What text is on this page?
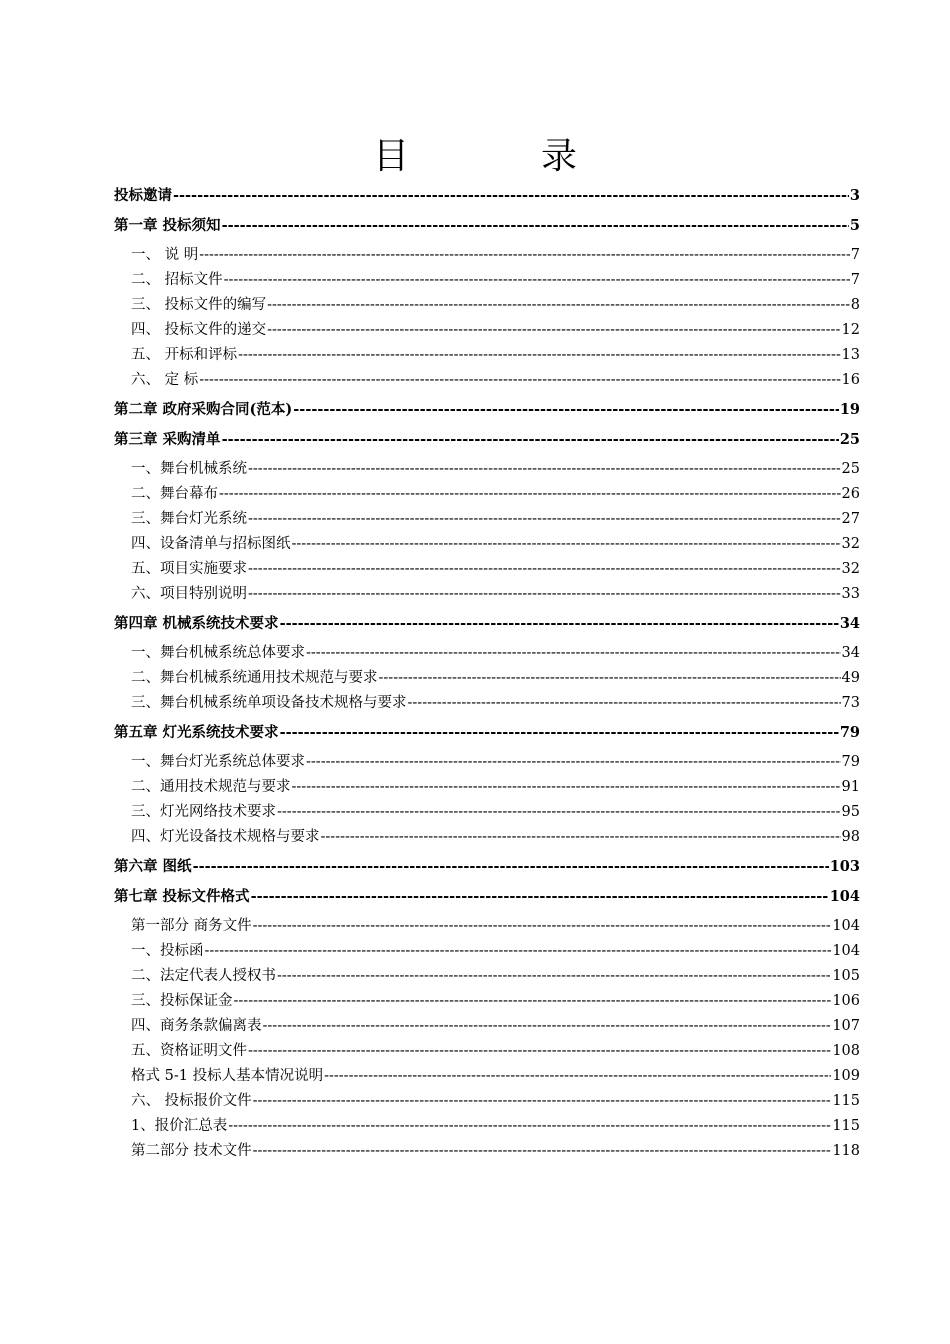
目　录
投标邀请 -----	3
第一章 投标须知 -----	5
一、 说 明 -----	7
二、 招标文件 -----	7
三、 投标文件的编写 -----	8
四、 投标文件的递交 -----	12
五、 开标和评标 -----	13
六、 定 标 -----	16
第二章 政府采购合同(范本) -----	19
第三章 采购清单 -----	25
一、舞台机械系统 -----	25
二、舞台幕布 -----	26
三、舞台灯光系统 -----	27
四、设备清单与招标图纸 -----	32
五、项目实施要求 -----	32
六、项目特别说明 -----	33
第四章 机械系统技术要求 -----	34
一、舞台机械系统总体要求 -----	34
二、舞台机械系统通用技术规范与要求 -----	49
三、舞台机械系统单项设备技术规格与要求 -----	73
第五章 灯光系统技术要求 -----	79
一、舞台灯光系统总体要求 -----	79
二、通用技术规范与要求 -----	91
三、灯光网络技术要求 -----	95
四、灯光设备技术规格与要求 -----	98
第六章 图纸 -----	103
第七章 投标文件格式 -----	104
第一部分 商务文件 -----	104
一、投标函 -----	104
二、法定代表人授权书 -----	105
三、投标保证金 -----	106
四、商务条款偏离表 -----	107
五、资格证明文件 -----	108
格式 5-1 投标人基本情况说明 -----	109
六、 投标报价文件 -----	115
1、报价汇总表 -----	115
第二部分 技术文件 -----	118
